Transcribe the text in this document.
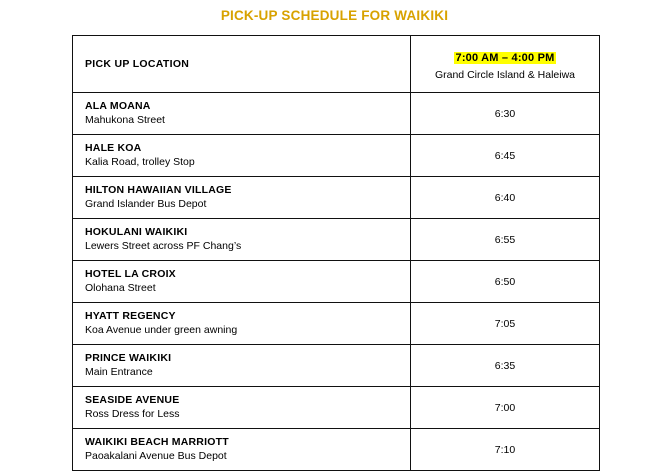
PICK-UP SCHEDULE FOR WAIKIKI
PICK UP LOCATION	7:00 AM – 4:00 PM
Grand Circle Island & Haleiwa

ALA MOANA
Mahukona Street	6:30

HALE KOA
Kalia Road, trolley Stop	6:45

HILTON HAWAIIAN VILLAGE
Grand Islander Bus Depot	6:40

HOKULANI WAIKIKI
Lewers Street across PF Chang’s	6:55

HOTEL LA CROIX
Olohana Street	6:50

HYATT REGENCY
Koa Avenue under green awning	7:05

PRINCE WAIKIKI
Main Entrance	6:35

SEASIDE AVENUE
Ross Dress for Less	7:00

WAIKIKI BEACH MARRIOTT
Paoakalani Avenue Bus Depot	7:10
